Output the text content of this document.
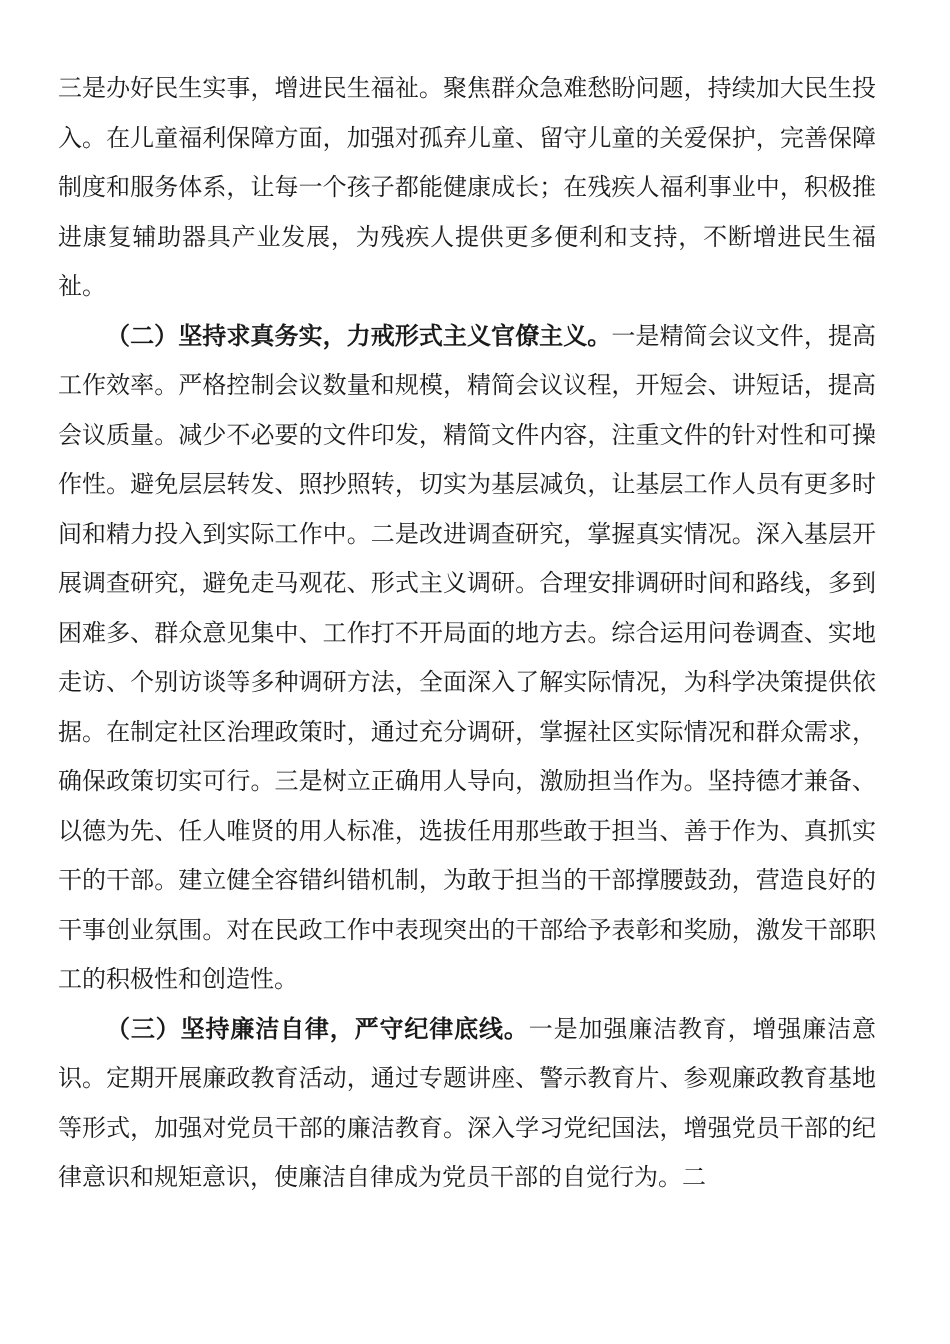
三是办好民生实事，增进民生福祉。聚焦群众急难愁盼问题，持续加大民生投入。在儿童福利保障方面，加强对孤弃儿童、留守儿童的关爱保护，完善保障制度和服务体系，让每一个孩子都能健康成长；在残疾人福利事业中，积极推进康复辅助器具产业发展，为残疾人提供更多便利和支持，不断增进民生福祉。

（二）坚持求真务实，力戒形式主义官僚主义。一是精简会议文件，提高工作效率。严格控制会议数量和规模，精简会议议程，开短会、讲短话，提高会议质量。减少不必要的文件印发，精简文件内容，注重文件的针对性和可操作性。避免层层转发、照抄照转，切实为基层减负，让基层工作人员有更多时间和精力投入到实际工作中。二是改进调查研究，掌握真实情况。深入基层开展调查研究，避免走马观花、形式主义调研。合理安排调研时间和路线，多到困难多、群众意见集中、工作打不开局面的地方去。综合运用问卷调查、实地走访、个别访谈等多种调研方法，全面深入了解实际情况，为科学决策提供依据。在制定社区治理政策时，通过充分调研，掌握社区实际情况和群众需求，确保政策切实可行。三是树立正确用人导向，激励担当作为。坚持德才兼备、以德为先、任人唯贤的用人标准，选拔任用那些敢于担当、善于作为、真抓实干的干部。建立健全容错纠错机制，为敢于担当的干部撑腰鼓劲，营造良好的干事创业氛围。对在民政工作中表现突出的干部给予表彰和奖励，激发干部职工的积极性和创造性。

（三）坚持廉洁自律，严守纪律底线。一是加强廉洁教育，增强廉洁意识。定期开展廉政教育活动，通过专题讲座、警示教育片、参观廉政教育基地等形式，加强对党员干部的廉洁教育。深入学习党纪国法，增强党员干部的纪律意识和规矩意识，使廉洁自律成为党员干部的自觉行为。二
